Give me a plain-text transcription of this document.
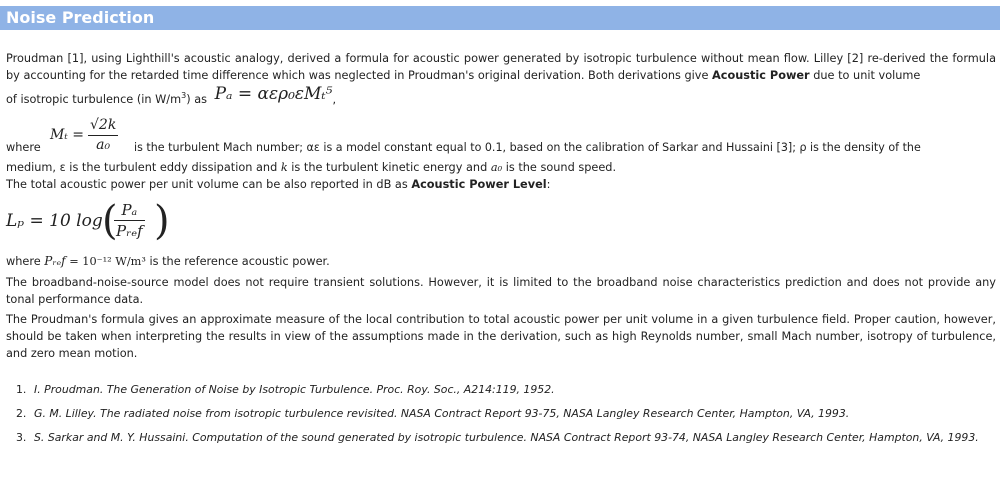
Noise Prediction

Proudman [1], using Lighthill's acoustic analogy, derived a formula for acoustic power generated by isotropic turbulence without mean flow. Lilley [2] re-derived the formula by accounting for the retarded time difference which was neglected in Proudman's original derivation. Both derivations give Acoustic Power due to unit volume

of isotropic turbulence (in $W/m^3$) as Pₐ = αερ₀εMₜ⁵,

where
$M_t = \frac{√2k}{\text{a₀}}$ is the turbulent Mach number; αε is a model constant equal to 0.1, based on the calibration of Sarkar and Hussaini [3]; ρ is the density of the

medium, ε is the turbulent eddy dissipation and k is the turbulent kinetic energy and a₀ is the sound speed.

The total acoustic power per unit volume can be also reported in dB as Acoustic Power Level:

Lₚ = 10 log ( Pₐ
Pᵣₑf )

where Pᵣₑf = 10⁻¹² W/m³ is the reference acoustic power.

The broadband-noise-source model does not require transient solutions. However, it is limited to the broadband noise characteristics prediction and does not provide any tonal performance data.

The Proudman's formula gives an approximate measure of the local contribution to total acoustic power per unit volume in a given turbulence field. Proper caution, however, should be taken when interpreting the results in view of the assumptions made in the derivation, such as high Reynolds number, small Mach number, isotropy of turbulence, and zero mean motion.

1. I. Proudman. The Generation of Noise by Isotropic Turbulence. Proc. Roy. Soc., A214:119, 1952.
2. G. M. Lilley. The radiated noise from isotropic turbulence revisited. NASA Contract Report 93-75, NASA Langley Research Center, Hampton, VA, 1993.
3. S. Sarkar and M. Y. Hussaini. Computation of the sound generated by isotropic turbulence. NASA Contract Report 93-74, NASA Langley Research Center, Hampton, VA, 1993.
